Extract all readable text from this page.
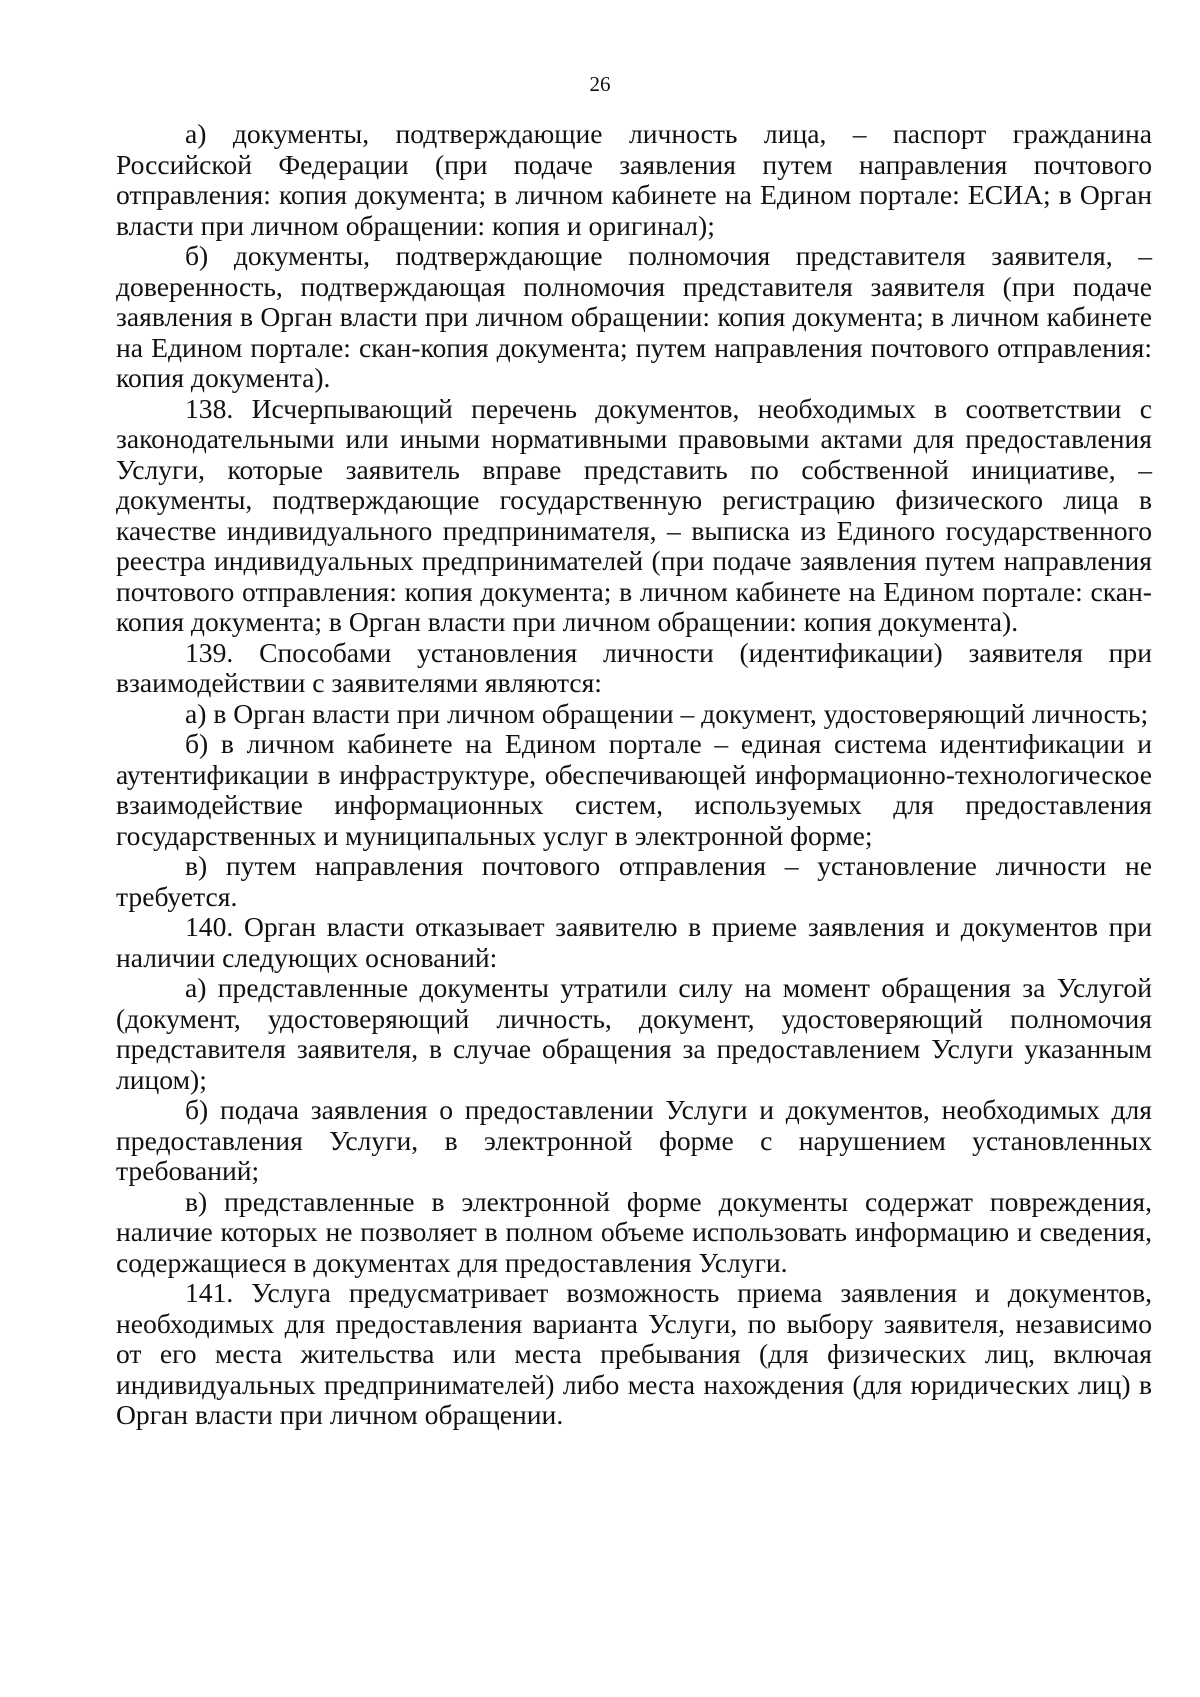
26

а) документы, подтверждающие личность лица, – паспорт гражданина Российской Федерации (при подаче заявления путем направления почтового отправления: копия документа; в личном кабинете на Едином портале: ЕСИА; в Орган власти при личном обращении: копия и оригинал);

б) документы, подтверждающие полномочия представителя заявителя, – доверенность, подтверждающая полномочия представителя заявителя (при подаче заявления в Орган власти при личном обращении: копия документа; в личном кабинете на Едином портале: скан-копия документа; путем направления почтового отправления: копия документа).

138. Исчерпывающий перечень документов, необходимых в соответствии с законодательными или иными нормативными правовыми актами для предоставления Услуги, которые заявитель вправе представить по собственной инициативе, – документы, подтверждающие государственную регистрацию физического лица в качестве индивидуального предпринимателя, – выписка из Единого государственного реестра индивидуальных предпринимателей (при подаче заявления путем направления почтового отправления: копия документа; в личном кабинете на Едином портале: скан-копия документа; в Орган власти при личном обращении: копия документа).

139. Способами установления личности (идентификации) заявителя при взаимодействии с заявителями являются:

а) в Орган власти при личном обращении – документ, удостоверяющий личность;

б) в личном кабинете на Едином портале – единая система идентификации и аутентификации в инфраструктуре, обеспечивающей информационно-технологическое взаимодействие информационных систем, используемых для предоставления государственных и муниципальных услуг в электронной форме;

в) путем направления почтового отправления – установление личности не требуется.

140. Орган власти отказывает заявителю в приеме заявления и документов при наличии следующих оснований:

а) представленные документы утратили силу на момент обращения за Услугой (документ, удостоверяющий личность, документ, удостоверяющий полномочия представителя заявителя, в случае обращения за предоставлением Услуги указанным лицом);

б) подача заявления о предоставлении Услуги и документов, необходимых для предоставления Услуги, в электронной форме с нарушением установленных требований;

в) представленные в электронной форме документы содержат повреждения, наличие которых не позволяет в полном объеме использовать информацию и сведения, содержащиеся в документах для предоставления Услуги.

141. Услуга предусматривает возможность приема заявления и документов, необходимых для предоставления варианта Услуги, по выбору заявителя, независимо от его места жительства или места пребывания (для физических лиц, включая индивидуальных предпринимателей) либо места нахождения (для юридических лиц) в Орган власти при личном обращении.
